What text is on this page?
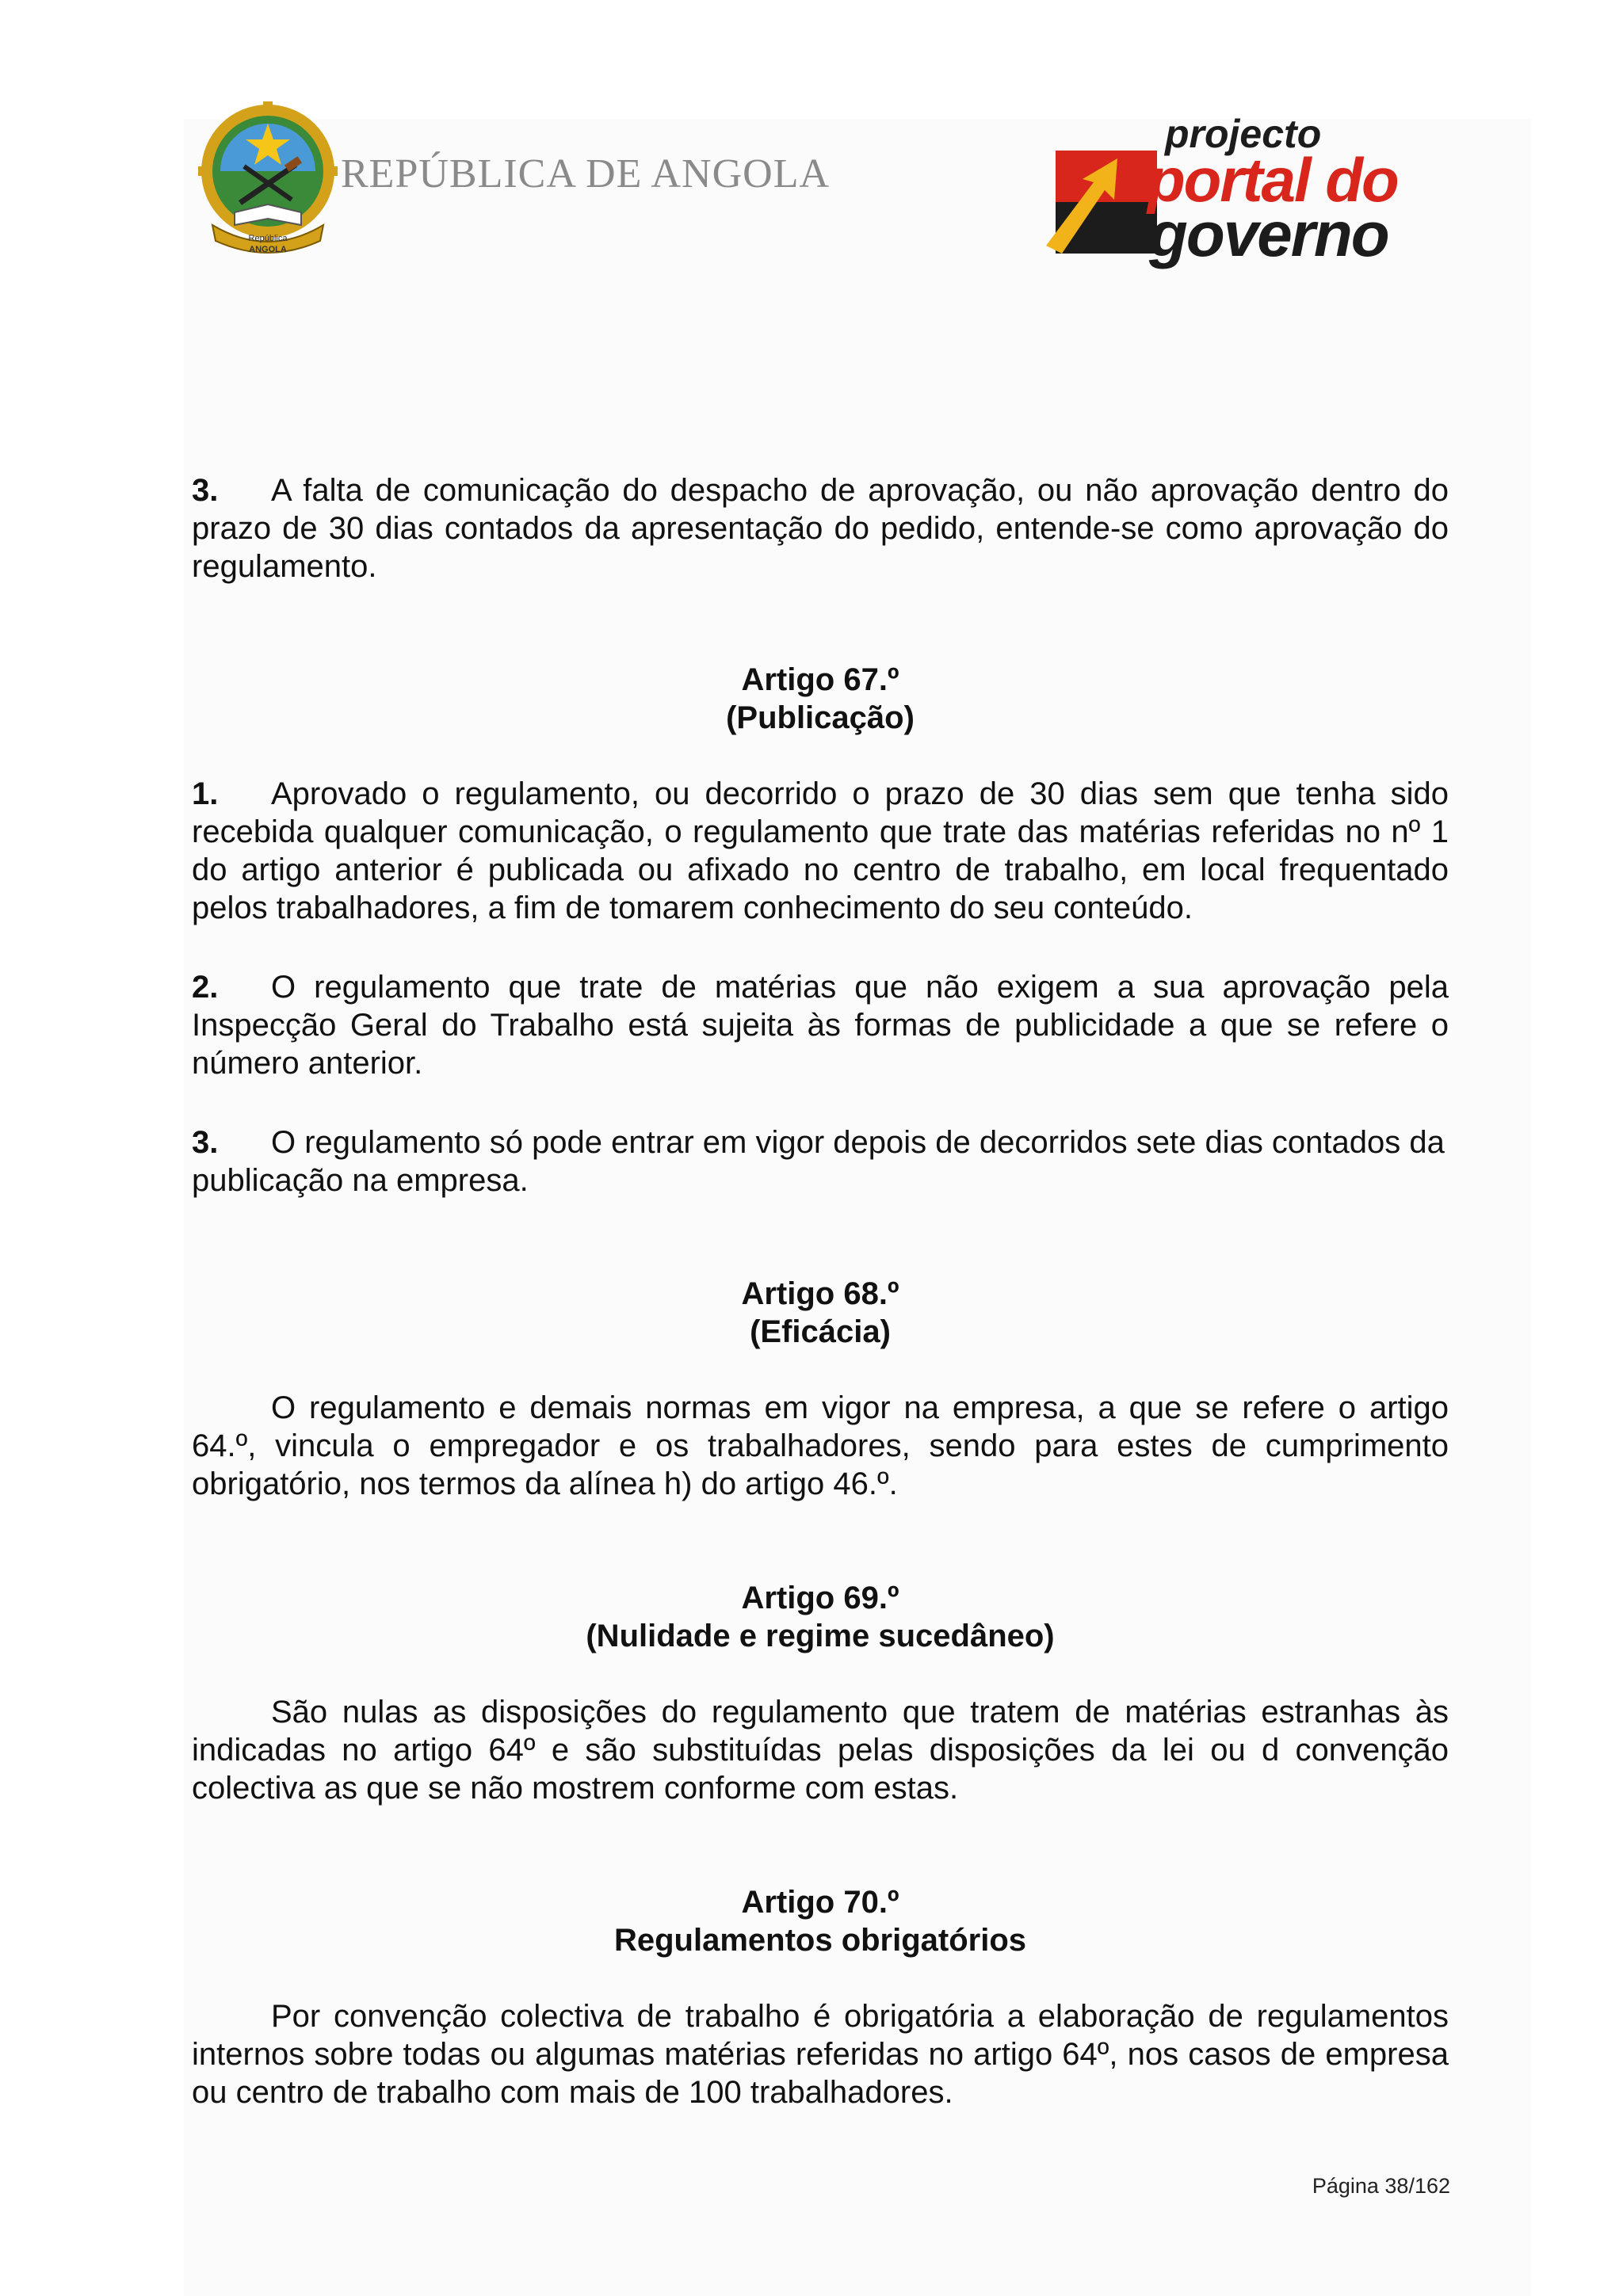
República
ANGOLA
REPÚBLICA DE ANGOLA
projecto
portal do
governo

3. A falta de comunicação do despacho de aprovação, ou não aprovação dentro do prazo de 30 dias contados da apresentação do pedido, entende-se como aprovação do regulamento.

Artigo 67.º

(Publicação)

1. Aprovado o regulamento, ou decorrido o prazo de 30 dias sem que tenha sido recebida qualquer comunicação, o regulamento que trate das matérias referidas no nº 1 do artigo anterior é publicada ou afixado no centro de trabalho, em local frequentado pelos trabalhadores, a fim de tomarem conhecimento do seu conteúdo.

2. O regulamento que trate de matérias que não exigem a sua aprovação pela Inspecção Geral do Trabalho está sujeita às formas de publicidade a que se refere o número anterior.

3. O regulamento só pode entrar em vigor depois de decorridos sete dias contados da publicação na empresa.

Artigo 68.º

(Eficácia)

O regulamento e demais normas em vigor na empresa, a que se refere o artigo 64.º, vincula o empregador e os trabalhadores, sendo para estes de cumprimento obrigatório, nos termos da alínea h) do artigo 46.º.

Artigo 69.º

(Nulidade e regime sucedâneo)

São nulas as disposições do regulamento que tratem de matérias estranhas às indicadas no artigo 64º e são substituídas pelas disposições da lei ou d convenção colectiva as que se não mostrem conforme com estas.

Artigo 70.º

Regulamentos obrigatórios

Por convenção colectiva de trabalho é obrigatória a elaboração de regulamentos internos sobre todas ou algumas matérias referidas no artigo 64º, nos casos de empresa ou centro de trabalho com mais de 100 trabalhadores.

Página 38/162
